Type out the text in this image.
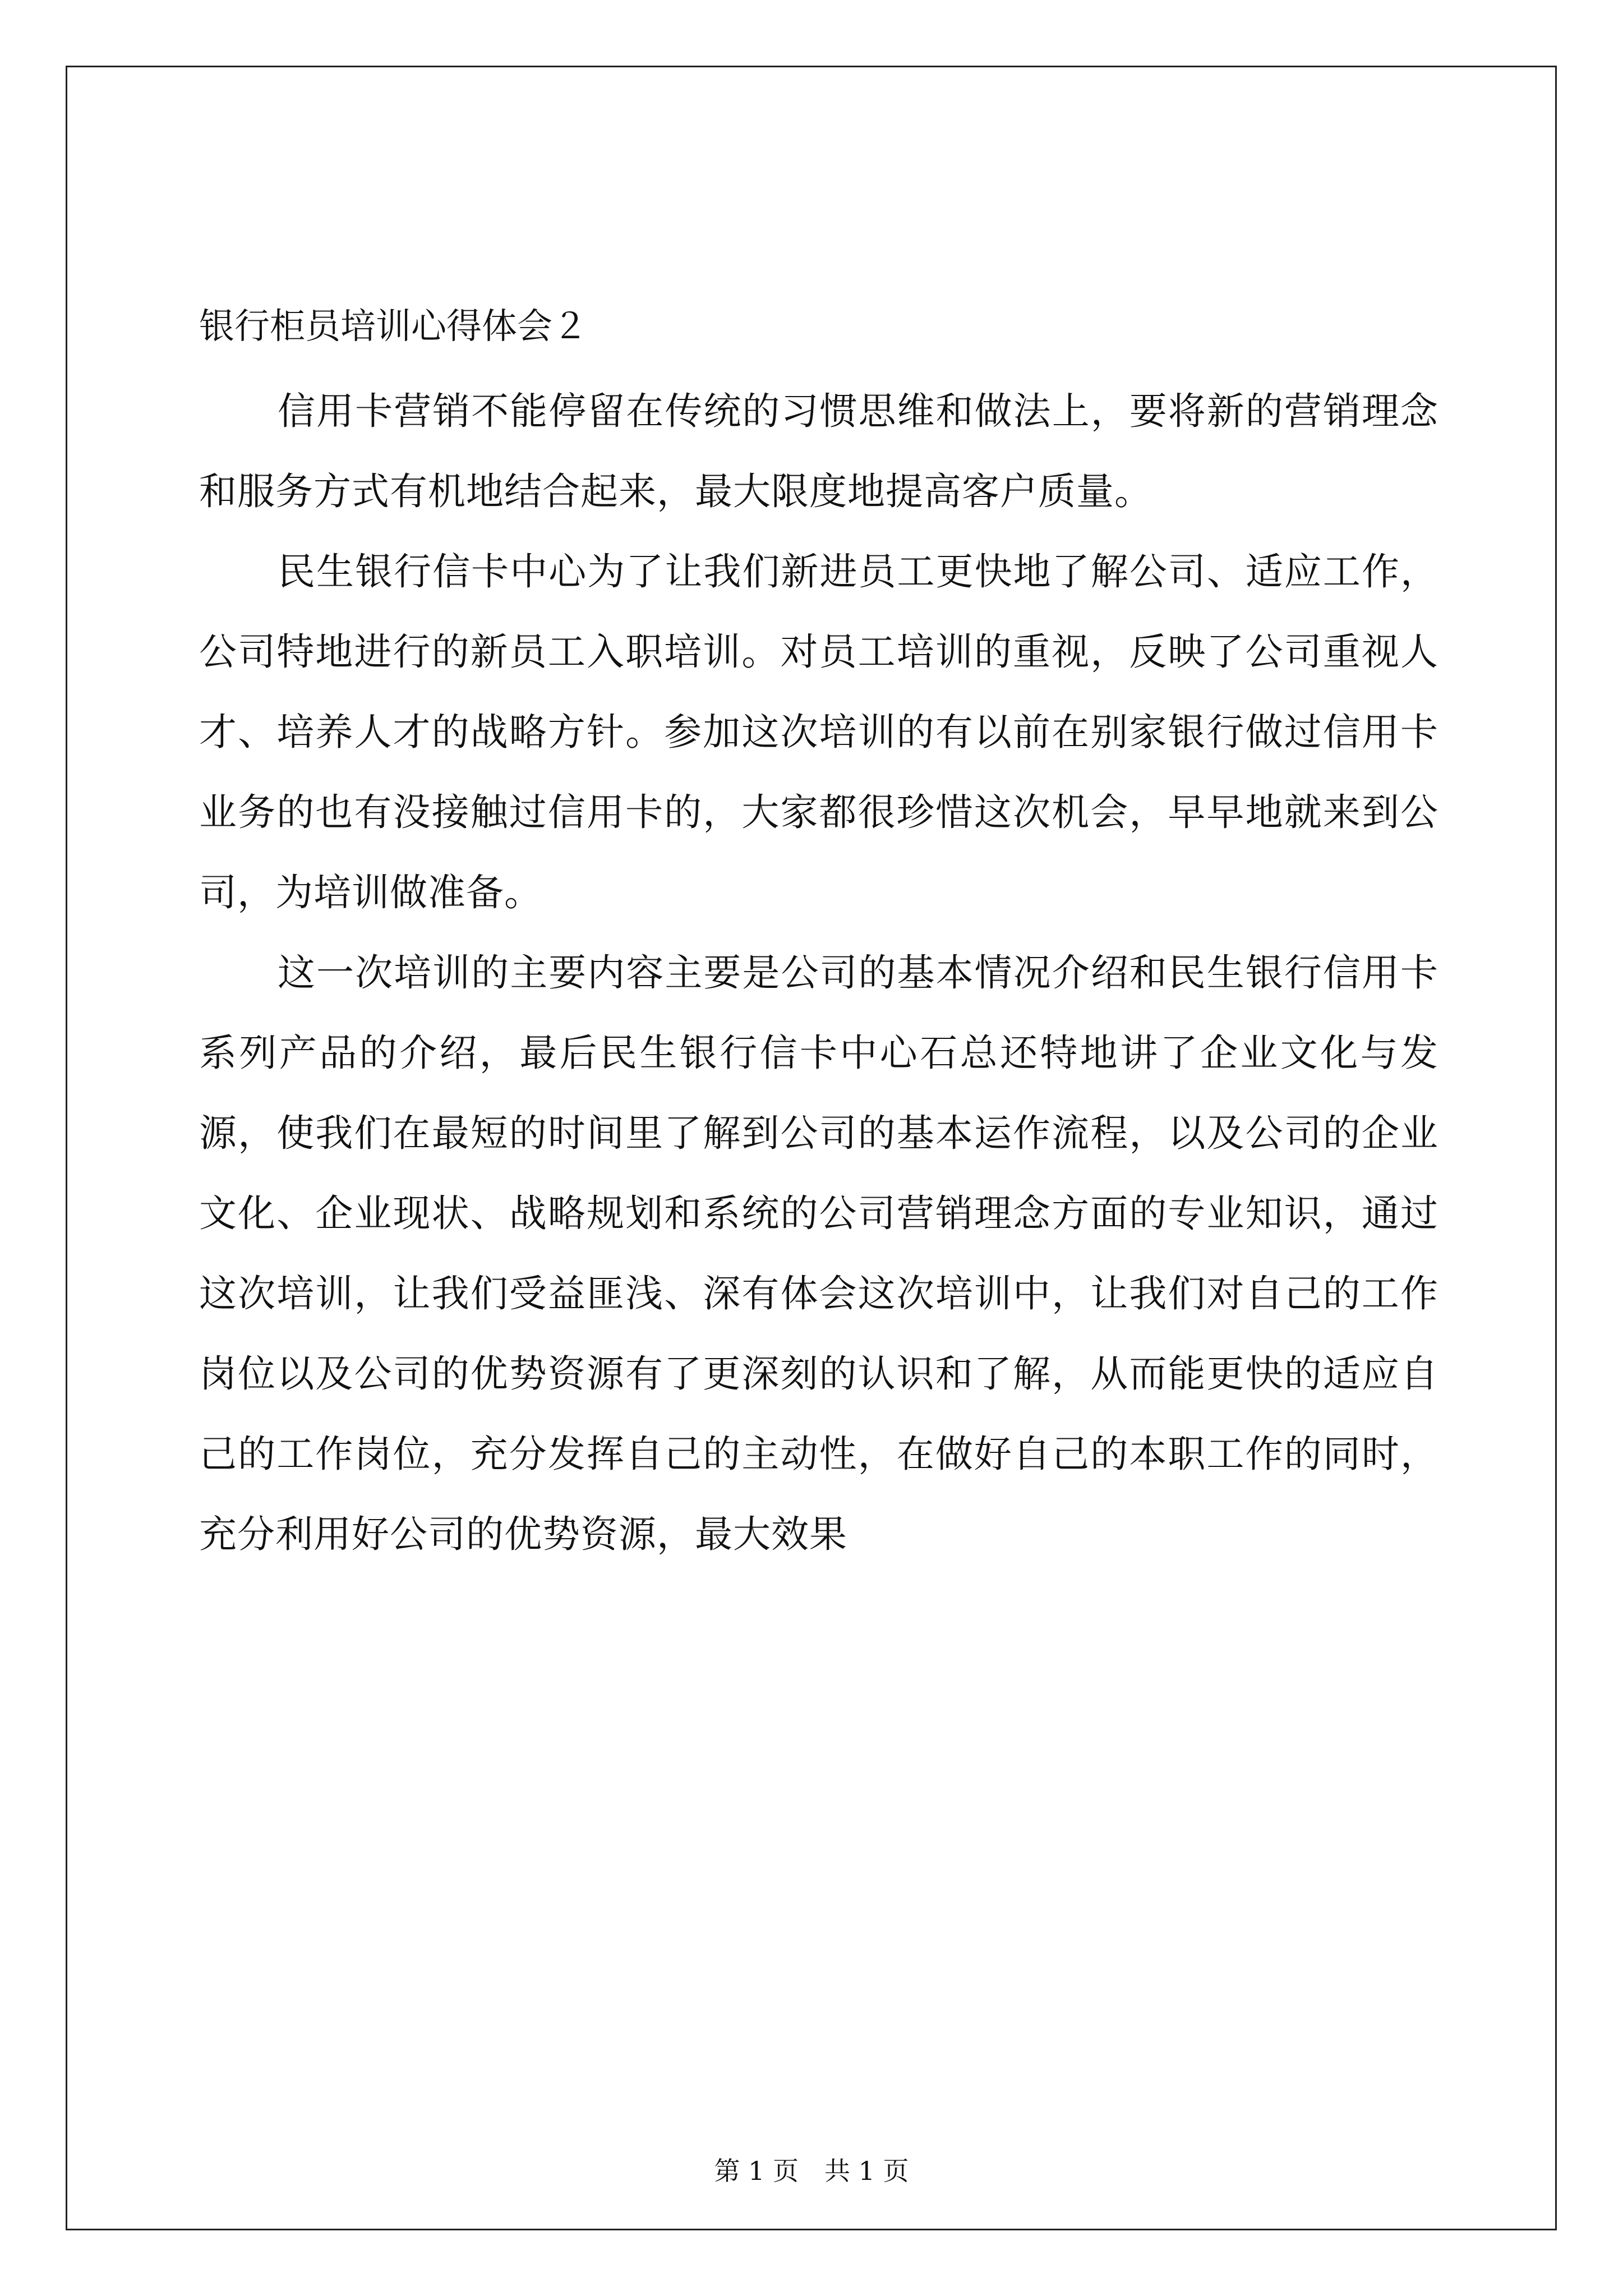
银行柜员培训心得体会２

信用卡营销不能停留在传统的习惯思维和做法上，要将新的营销理念和服务方式有机地结合起来，最大限度地提高客户质量。

民生银行信卡中心为了让我们新进员工更快地了解公司、适应工作，公司特地进行的新员工入职培训。对员工培训的重视，反映了公司重视人才、培养人才的战略方针。参加这次培训的有以前在别家银行做过信用卡业务的也有没接触过信用卡的，大家都很珍惜这次机会，早早地就来到公司，为培训做准备。

这一次培训的主要内容主要是公司的基本情况介绍和民生银行信用卡系列产品的介绍，最后民生银行信卡中心石总还特地讲了企业文化与发源，使我们在最短的时间里了解到公司的基本运作流程，以及公司的企业文化、企业现状、战略规划和系统的公司营销理念方面的专业知识，通过这次培训，让我们受益匪浅、深有体会这次培训中，让我们对自己的工作岗位以及公司的优势资源有了更深刻的认识和了解，从而能更快的适应自己的工作岗位，充分发挥自己的主动性，在做好自己的本职工作的同时，充分利用好公司的优势资源，最大效果

第 1 页　共 1 页
